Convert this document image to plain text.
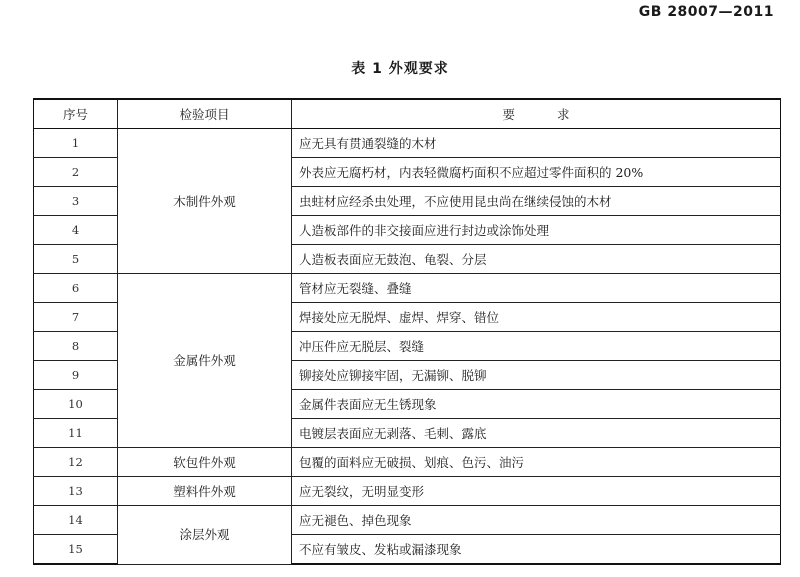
GB 28007—2011
表 1 外观要求
序号	检验项目	要 求
1	木制件外观	应无具有贯通裂缝的木材
2		外表应无腐朽材，内表轻微腐朽面积不应超过零件面积的 20%
3		虫蛀材应经杀虫处理，不应使用昆虫尚在继续侵蚀的木材
4		人造板部件的非交接面应进行封边或涂饰处理
5		人造板表面应无鼓泡、龟裂、分层
6	金属件外观	管材应无裂缝、叠缝
7		焊接处应无脱焊、虚焊、焊穿、错位
8		冲压件应无脱层、裂缝
9		铆接处应铆接牢固，无漏铆、脱铆
10		金属件表面应无生锈现象
11		电镀层表面应无剥落、毛刺、露底
12	软包件外观	包覆的面料应无破损、划痕、色污、油污
13	塑料件外观	应无裂纹，无明显变形
14	涂层外观	应无褪色、掉色现象
15		不应有皱皮、发粘或漏漆现象
